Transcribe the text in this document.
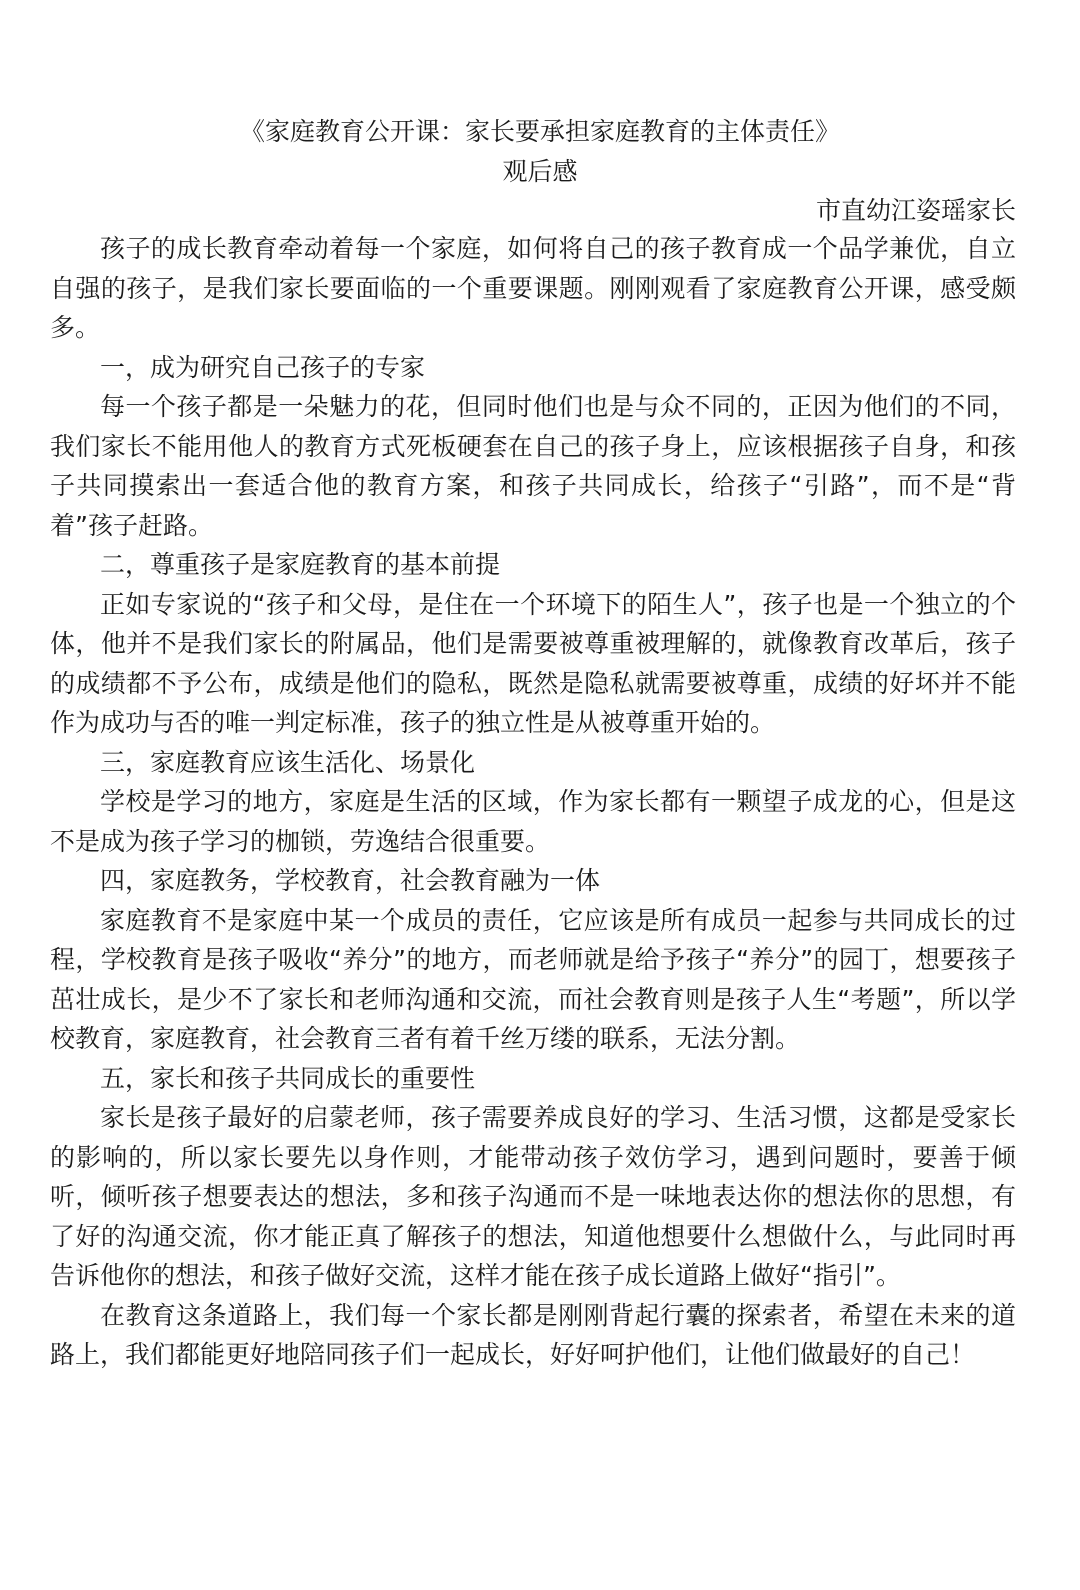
《家庭教育公开课：家长要承担家庭教育的主体责任》
观后感
市直幼江姿瑶家长

孩子的成长教育牵动着每一个家庭，如何将自己的孩子教育成一个品学兼优，自立自强的孩子，是我们家长要面临的一个重要课题。刚刚观看了家庭教育公开课，感受颇多。

一，成为研究自己孩子的专家

每一个孩子都是一朵魅力的花，但同时他们也是与众不同的，正因为他们的不同，我们家长不能用他人的教育方式死板硬套在自己的孩子身上，应该根据孩子自身，和孩子共同摸索出一套适合他的教育方案，和孩子共同成长，给孩子“引路”，而不是“背着”孩子赶路。

二，尊重孩子是家庭教育的基本前提

正如专家说的“孩子和父母，是住在一个环境下的陌生人”，孩子也是一个独立的个体，他并不是我们家长的附属品，他们是需要被尊重被理解的，就像教育改革后，孩子的成绩都不予公布，成绩是他们的隐私，既然是隐私就需要被尊重，成绩的好坏并不能作为成功与否的唯一判定标准，孩子的独立性是从被尊重开始的。

三，家庭教育应该生活化、场景化

学校是学习的地方，家庭是生活的区域，作为家长都有一颗望子成龙的心，但是这不是成为孩子学习的枷锁，劳逸结合很重要。

四，家庭教务，学校教育，社会教育融为一体

家庭教育不是家庭中某一个成员的责任，它应该是所有成员一起参与共同成长的过程，学校教育是孩子吸收“养分”的地方，而老师就是给予孩子“养分”的园丁，想要孩子茁壮成长，是少不了家长和老师沟通和交流，而社会教育则是孩子人生“考题”，所以学校教育，家庭教育，社会教育三者有着千丝万缕的联系，无法分割。

五，家长和孩子共同成长的重要性

家长是孩子最好的启蒙老师，孩子需要养成良好的学习、生活习惯，这都是受家长的影响的，所以家长要先以身作则，才能带动孩子效仿学习，遇到问题时，要善于倾听，倾听孩子想要表达的想法，多和孩子沟通而不是一味地表达你的想法你的思想，有了好的沟通交流，你才能正真了解孩子的想法，知道他想要什么想做什么，与此同时再告诉他你的想法，和孩子做好交流，这样才能在孩子成长道路上做好“指引”。

在教育这条道路上，我们每一个家长都是刚刚背起行囊的探索者，希望在未来的道路上，我们都能更好地陪同孩子们一起成长，好好呵护他们，让他们做最好的自己！
